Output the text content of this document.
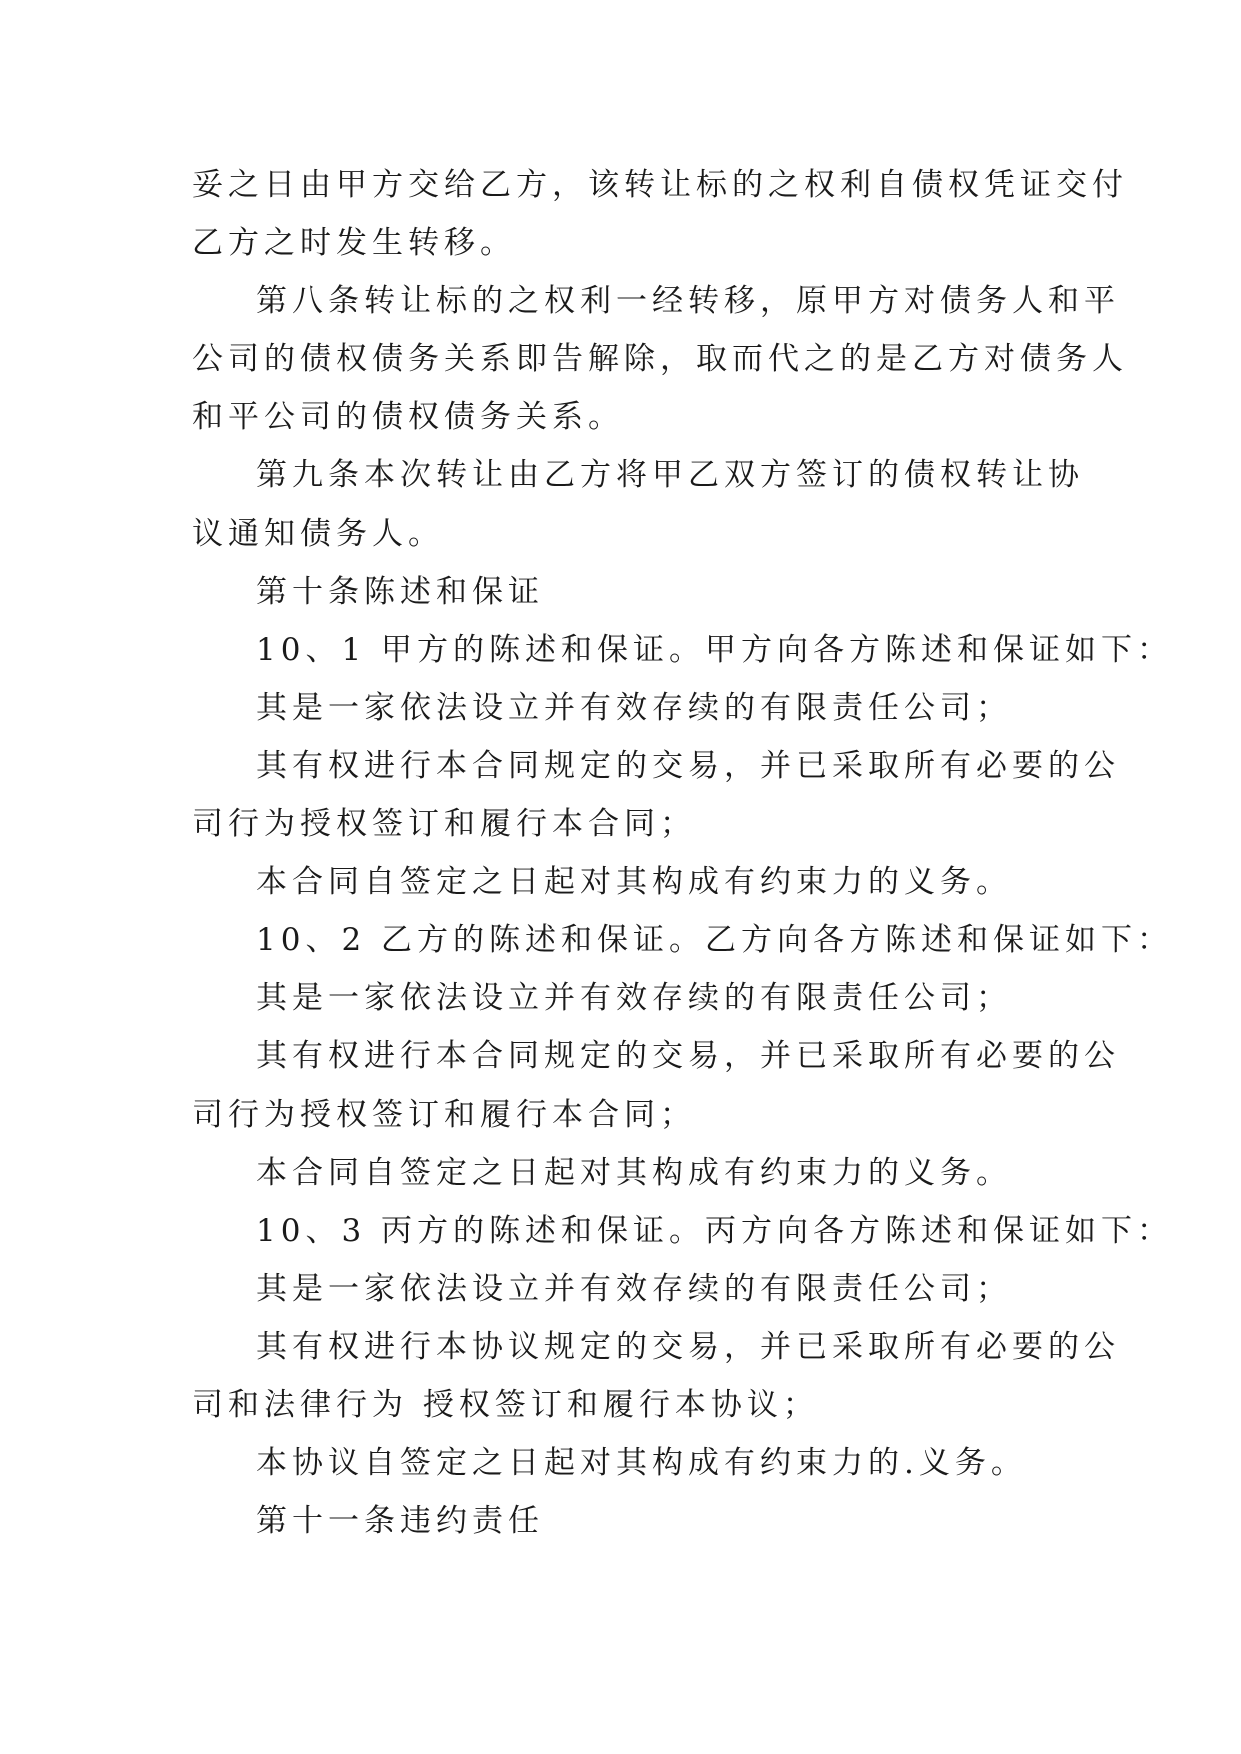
妥之日由甲方交给乙方，该转让标的之权利自债权凭证交付
乙方之时发生转移。
第八条转让标的之权利一经转移，原甲方对债务人和平
公司的债权债务关系即告解除，取而代之的是乙方对债务人
和平公司的债权债务关系。
第九条本次转让由乙方将甲乙双方签订的债权转让协
议通知债务人。
第十条陈述和保证
10、1 甲方的陈述和保证。甲方向各方陈述和保证如下：
其是一家依法设立并有效存续的有限责任公司；
其有权进行本合同规定的交易，并已采取所有必要的公
司行为授权签订和履行本合同；
本合同自签定之日起对其构成有约束力的义务。
10、2 乙方的陈述和保证。乙方向各方陈述和保证如下：
其是一家依法设立并有效存续的有限责任公司；
其有权进行本合同规定的交易，并已采取所有必要的公
司行为授权签订和履行本合同；
本合同自签定之日起对其构成有约束力的义务。
10、3 丙方的陈述和保证。丙方向各方陈述和保证如下：
其是一家依法设立并有效存续的有限责任公司；
其有权进行本协议规定的交易，并已采取所有必要的公
司和法律行为 授权签订和履行本协议；
本协议自签定之日起对其构成有约束力的.义务。
第十一条违约责任
